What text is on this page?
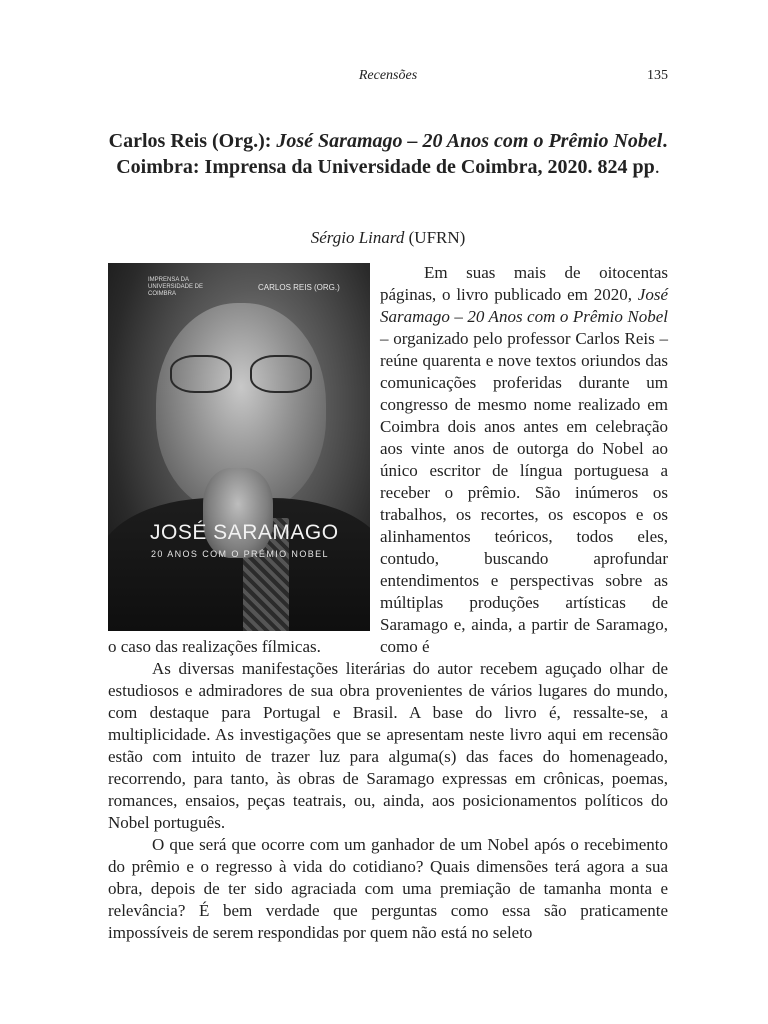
Recensões	135
Carlos Reis (Org.): José Saramago – 20 Anos com o Prêmio Nobel. Coimbra: Imprensa da Universidade de Coimbra, 2020. 824 pp.
Sérgio Linard (UFRN)
IMPRENSA DA UNIVERSIDADE DE COIMBRA
CARLOS REIS (ORG.)
JOSÉ SARAMAGO
20 ANOS COM O PRÉMIO NOBEL

Em suas mais de oitocentas páginas, o livro publicado em 2020, José Saramago – 20 Anos com o Prêmio Nobel – organizado pelo professor Carlos Reis – reúne quarenta e nove textos oriundos das comunicações proferidas durante um congresso de mesmo nome realizado em Coimbra dois anos antes em celebração aos vinte anos de outorga do Nobel ao único escritor de língua portuguesa a receber o prêmio. São inúmeros os trabalhos, os recortes, os escopos e os alinhamentos teóricos, todos eles, contudo, buscando aprofundar entendimentos e perspectivas sobre as múltiplas produções artísticas de Saramago e, ainda, a partir de Saramago, como é

o caso das realizações fílmicas.

As diversas manifestações literárias do autor recebem aguçado olhar de estudiosos e admiradores de sua obra provenientes de vários lugares do mundo, com destaque para Portugal e Brasil. A base do livro é, ressalte-se, a multiplicidade. As investigações que se apresentam neste livro aqui em recensão estão com intuito de trazer luz para alguma(s) das faces do homenageado, recorrendo, para tanto, às obras de Saramago expressas em crônicas, poemas, romances, ensaios, peças teatrais, ou, ainda, aos posicionamentos políticos do Nobel português.

O que será que ocorre com um ganhador de um Nobel após o recebimento do prêmio e o regresso à vida do cotidiano? Quais dimensões terá agora a sua obra, depois de ter sido agraciada com uma premiação de tamanha monta e relevância? É bem verdade que perguntas como essa são praticamente impossíveis de serem respondidas por quem não está no seleto
